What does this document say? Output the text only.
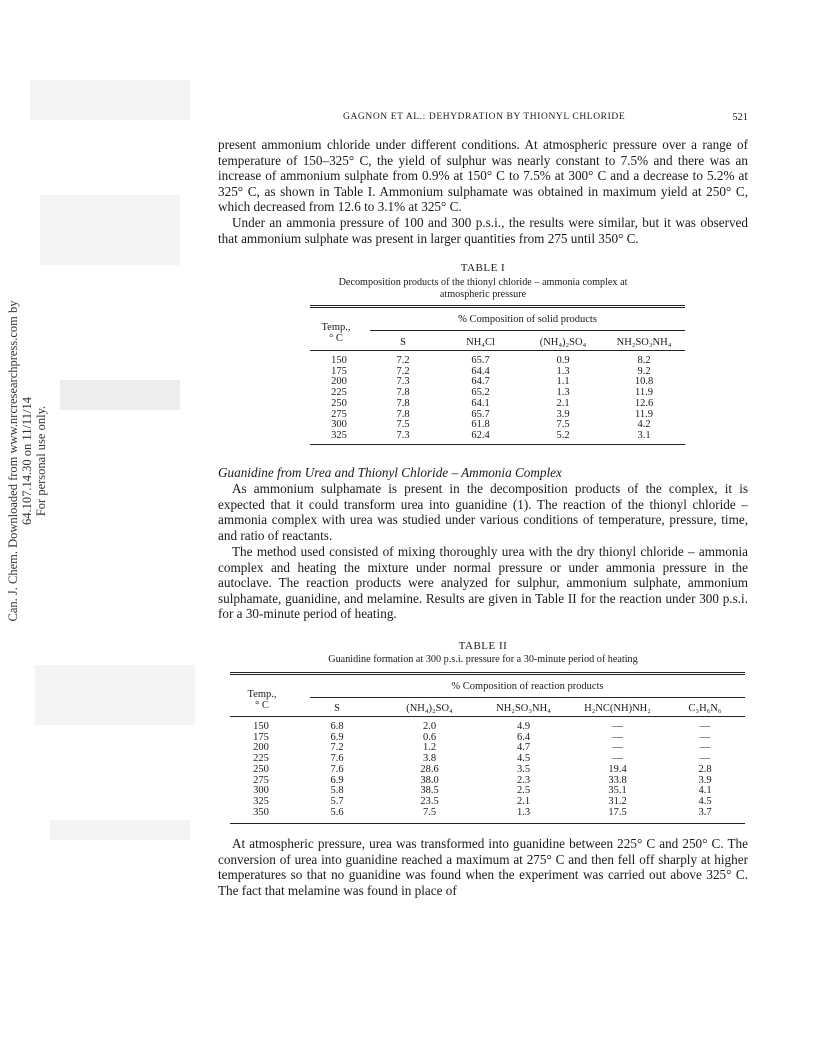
Can. J. Chem. Downloaded from www.nrcresearchpress.com by 64.107.14.30 on 11/11/14 For personal use only.
GAGNON ET AL.: DEHYDRATION BY THIONYL CHLORIDE	521
present ammonium chloride under different conditions. At atmospheric pressure over a range of temperature of 150–325° C, the yield of sulphur was nearly constant to 7.5% and there was an increase of ammonium sulphate from 0.9% at 150° C to 7.5% at 300° C and a decrease to 5.2% at 325° C, as shown in Table I. Ammonium sulphamate was obtained in maximum yield at 250° C, which decreased from 12.6 to 3.1% at 325° C.
Under an ammonia pressure of 100 and 300 p.s.i., the results were similar, but it was observed that ammonium sulphate was present in larger quantities from 275 until 350° C.
TABLE I
Decomposition products of the thionyl chloride – ammonia complex at
atmospheric pressure
% Composition of solid products
Temp.,
° C
		S	NH₄Cl	(NH₄)₂SO₄	NH₂SO₃NH₄

150	7.2	65.7	0.9	8.2
175	7.2	64.4	1.3	9.2
200	7.3	64.7	1.1	10.8
225	7.8	65.2	1.3	11.9
250	7.8	64.1	2.1	12.6
275	7.8	65.7	3.9	11.9
300	7.5	61.8	7.5	4.2
325	7.3	62.4	5.2	3.1
Guanidine from Urea and Thionyl Chloride – Ammonia Complex
As ammonium sulphamate is present in the decomposition products of the complex, it is expected that it could transform urea into guanidine (1). The reaction of the thionyl chloride – ammonia complex with urea was studied under various conditions of temperature, pressure, time, and ratio of reactants.
The method used consisted of mixing thoroughly urea with the dry thionyl chloride – ammonia complex and heating the mixture under normal pressure or under ammonia pressure in the autoclave. The reaction products were analyzed for sulphur, ammonium sulphate, ammonium sulphamate, guanidine, and melamine. Results are given in Table II for the reaction under 300 p.s.i. for a 30-minute period of heating.
TABLE II
Guanidine formation at 300 p.s.i. pressure for a 30-minute period of heating
% Composition of reaction products
Temp.,
° C
		S	(NH₄)₂SO₄	NH₂SO₃NH₄	H₂NC(NH)NH₂	C₃H₆N₆

150	6.8	2.0	4.9	—	—
175	6.9	0.6	6.4	—	—
200	7.2	1.2	4.7	—	—
225	7.6	3.8	4.5	—	—
250	7.6	28.6	3.5	19.4	2.8
275	6.9	38.0	2.3	33.8	3.9
300	5.8	38.5	2.5	35.1	4.1
325	5.7	23.5	2.1	31.2	4.5
350	5.6	7.5	1.3	17.5	3.7
At atmospheric pressure, urea was transformed into guanidine between 225° C and 250° C. The conversion of urea into guanidine reached a maximum at 275° C and then fell off sharply at higher temperatures so that no guanidine was found when the experiment was carried out above 325° C. The fact that melamine was found in place of
